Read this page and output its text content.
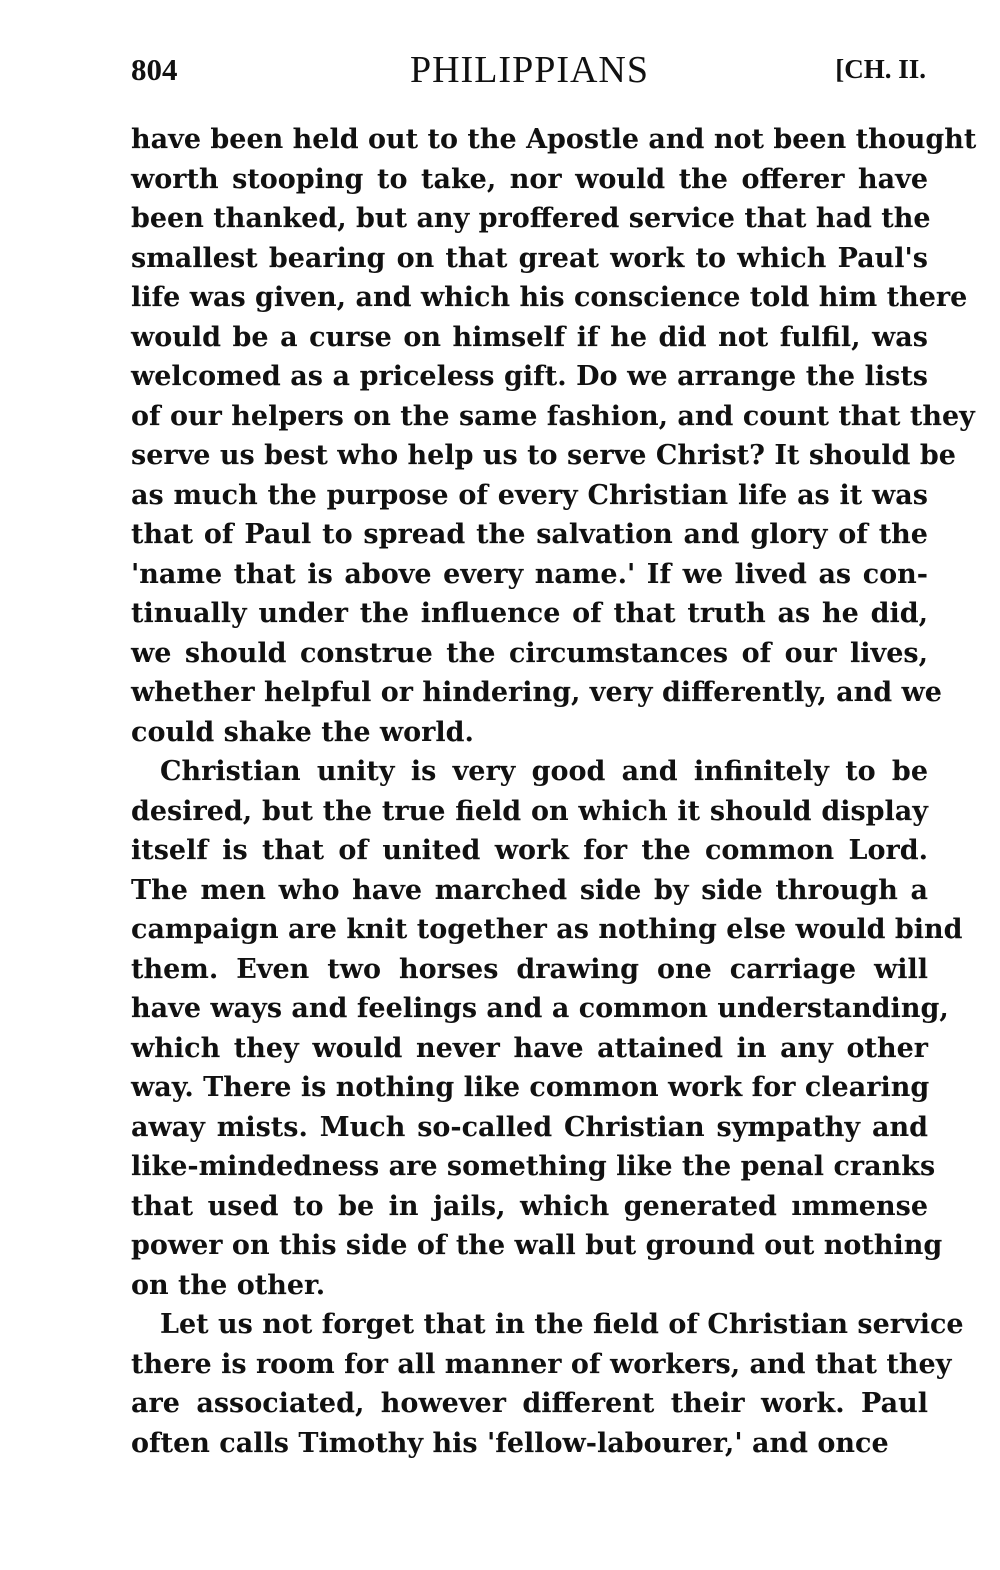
804	PHILIPPIANS	[CH. II.
have been held out to the Apostle and not been thought
worth stooping to take, nor would the offerer have
been thanked, but any proffered service that had the
smallest bearing on that great work to which Paul's
life was given, and which his conscience told him there
would be a curse on himself if he did not fulfil, was
welcomed as a priceless gift. Do we arrange the lists
of our helpers on the same fashion, and count that they
serve us best who help us to serve Christ? It should be
as much the purpose of every Christian life as it was
that of Paul to spread the salvation and glory of the
'name that is above every name.' If we lived as con-
tinually under the influence of that truth as he did,
we should construe the circumstances of our lives,
whether helpful or hindering, very differently, and we
could shake the world.
Christian unity is very good and infinitely to be
desired, but the true field on which it should display
itself is that of united work for the common Lord.
The men who have marched side by side through a
campaign are knit together as nothing else would bind
them. Even two horses drawing one carriage will
have ways and feelings and a common understanding,
which they would never have attained in any other
way. There is nothing like common work for clearing
away mists. Much so-called Christian sympathy and
like-mindedness are something like the penal cranks
that used to be in jails, which generated ımmense
power on this side of the wall but ground out nothing
on the other.
Let us not forget that in the field of Christian service
there is room for all manner of workers, and that they
are associated, however different their work. Paul
often calls Timothy his 'fellow-labourer,' and once
